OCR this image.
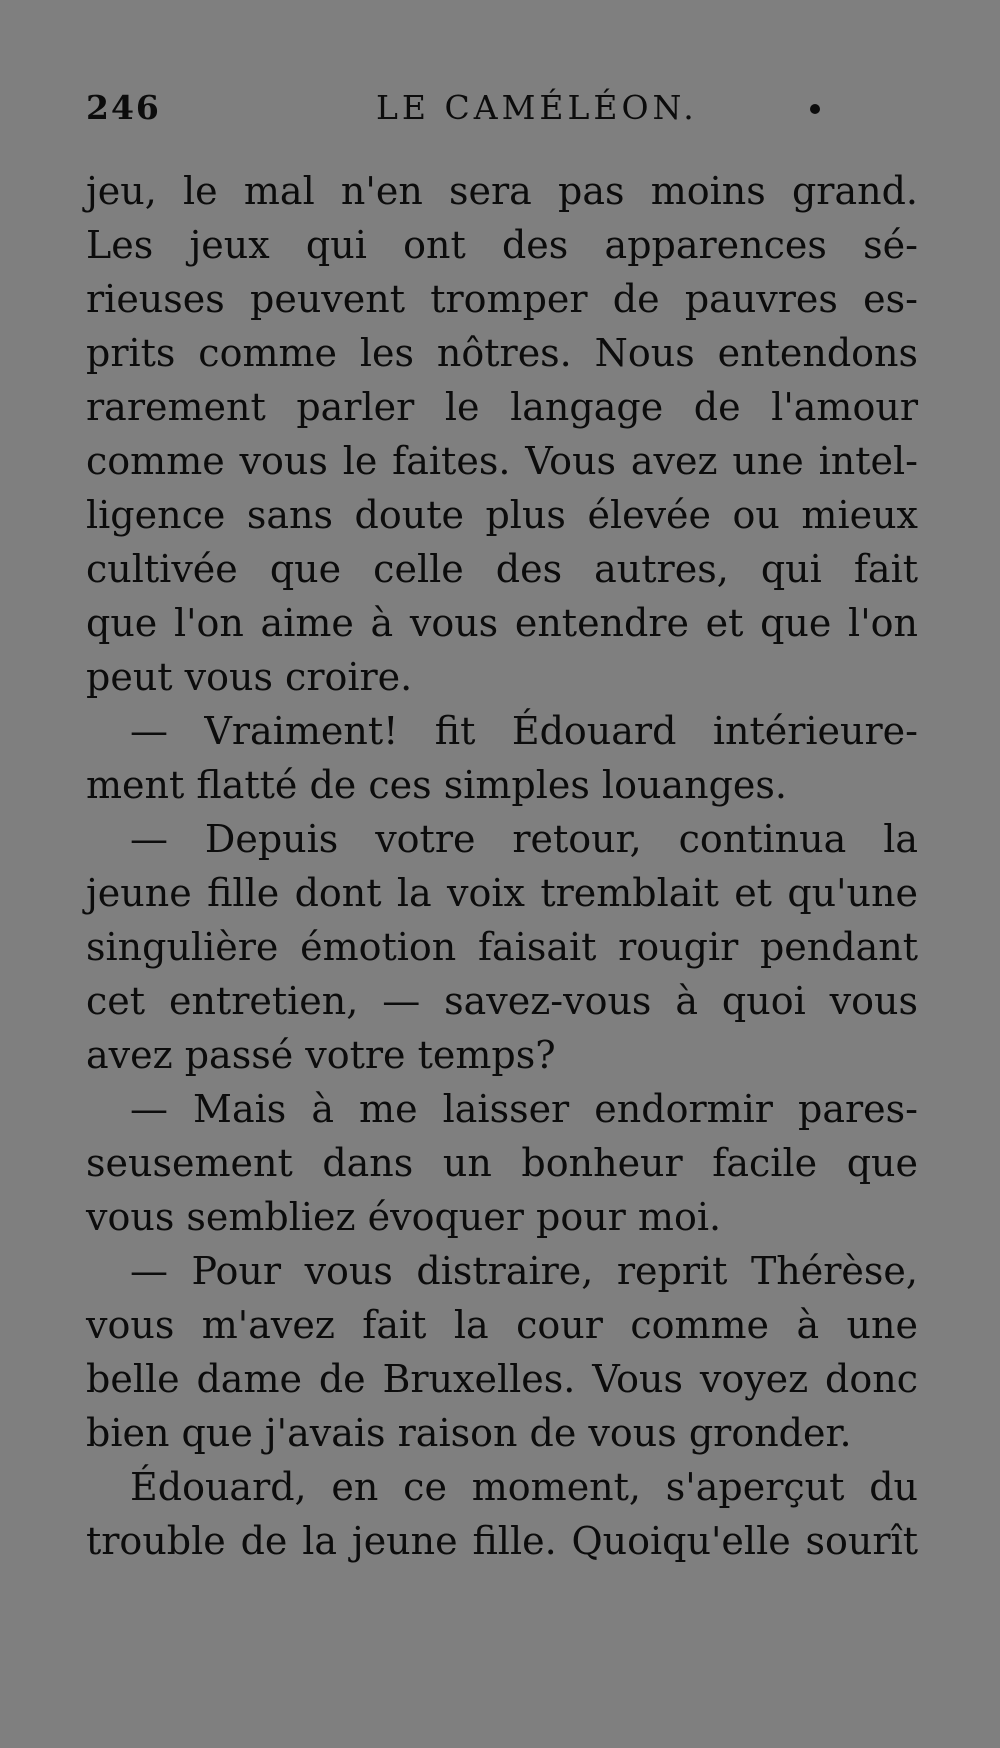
246	LE CAMÉLÉON.
jeu, le mal n'en sera pas moins grand.
Les jeux qui ont des apparences sé-
rieuses peuvent tromper de pauvres es-
prits comme les nôtres. Nous entendons
rarement parler le langage de l'amour
comme vous le faites. Vous avez une intel-
ligence sans doute plus élevée ou mieux
cultivée que celle des autres, qui fait
que l'on aime à vous entendre et que l'on
peut vous croire.
— Vraiment! fit Édouard intérieure-
ment flatté de ces simples louanges.
— Depuis votre retour, continua la
jeune fille dont la voix tremblait et qu'une
singulière émotion faisait rougir pendant
cet entretien, — savez-vous à quoi vous
avez passé votre temps?
— Mais à me laisser endormir pares-
seusement dans un bonheur facile que
vous sembliez évoquer pour moi.
— Pour vous distraire, reprit Thérèse,
vous m'avez fait la cour comme à une
belle dame de Bruxelles. Vous voyez donc
bien que j'avais raison de vous gronder.
Édouard, en ce moment, s'aperçut du
trouble de la jeune fille. Quoiqu'elle sourît
